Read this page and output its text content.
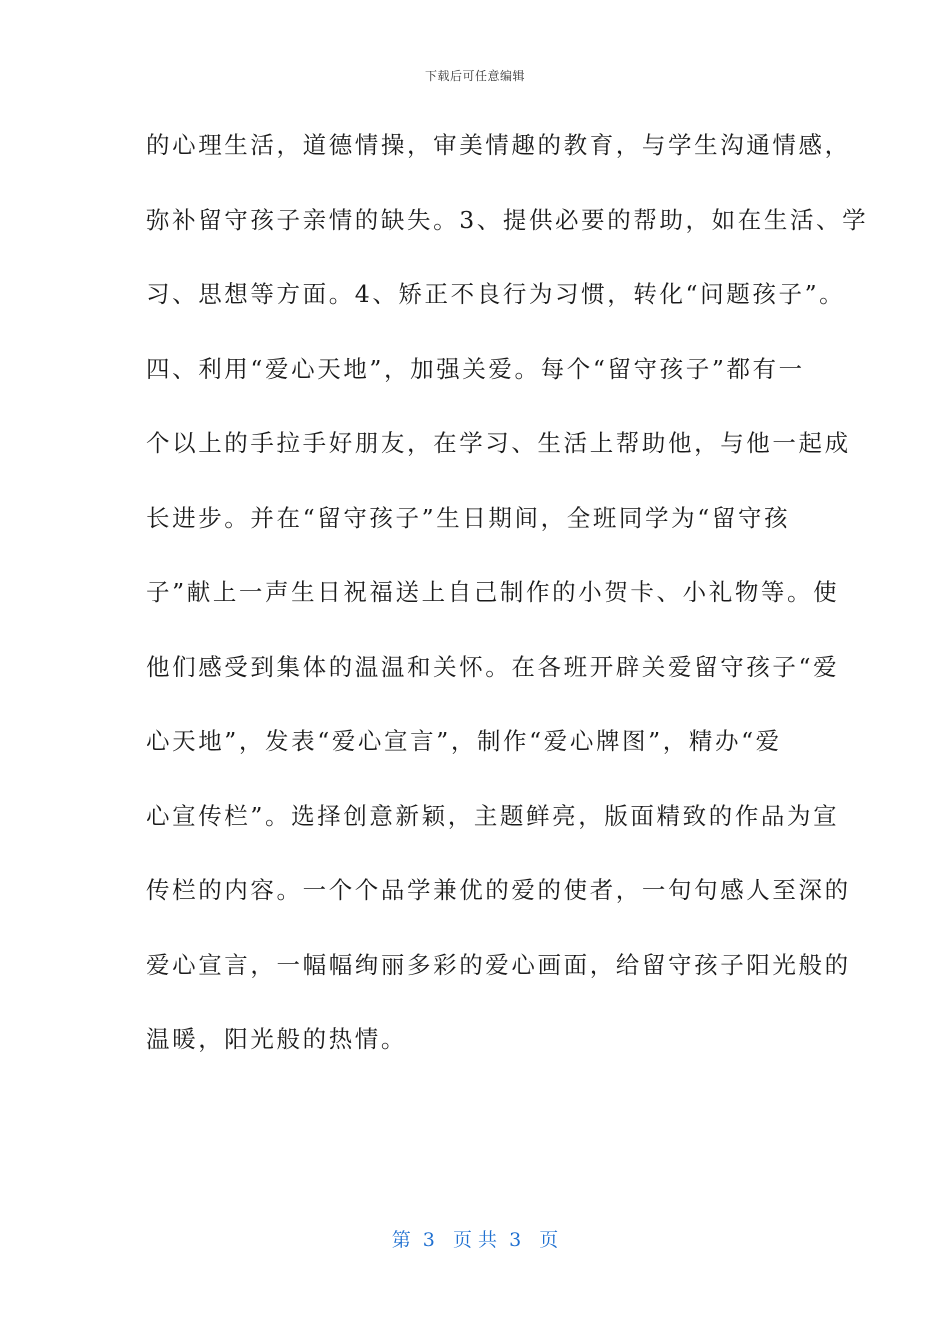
下载后可任意编辑
的心理生活，道德情操，审美情趣的教育，与学生沟通情感，
弥补留守孩子亲情的缺失。3、提供必要的帮助，如在生活、学
习、思想等方面。4、矫正不良行为习惯，转化“问题孩子”。
四、利用“爱心天地”，加强关爱。每个“留守孩子”都有一
个以上的手拉手好朋友，在学习、生活上帮助他，与他一起成
长进步。并在“留守孩子”生日期间，全班同学为“留守孩
子”献上一声生日祝福送上自己制作的小贺卡、小礼物等。使
他们感受到集体的温温和关怀。在各班开辟关爱留守孩子“爱
心天地”，发表“爱心宣言”，制作“爱心牌图”，精办“爱
心宣传栏”。选择创意新颖，主题鲜亮，版面精致的作品为宣
传栏的内容。一个个品学兼优的爱的使者，一句句感人至深的
爱心宣言，一幅幅绚丽多彩的爱心画面，给留守孩子阳光般的
温暖，阳光般的热情。
第  3   页 共  3   页
